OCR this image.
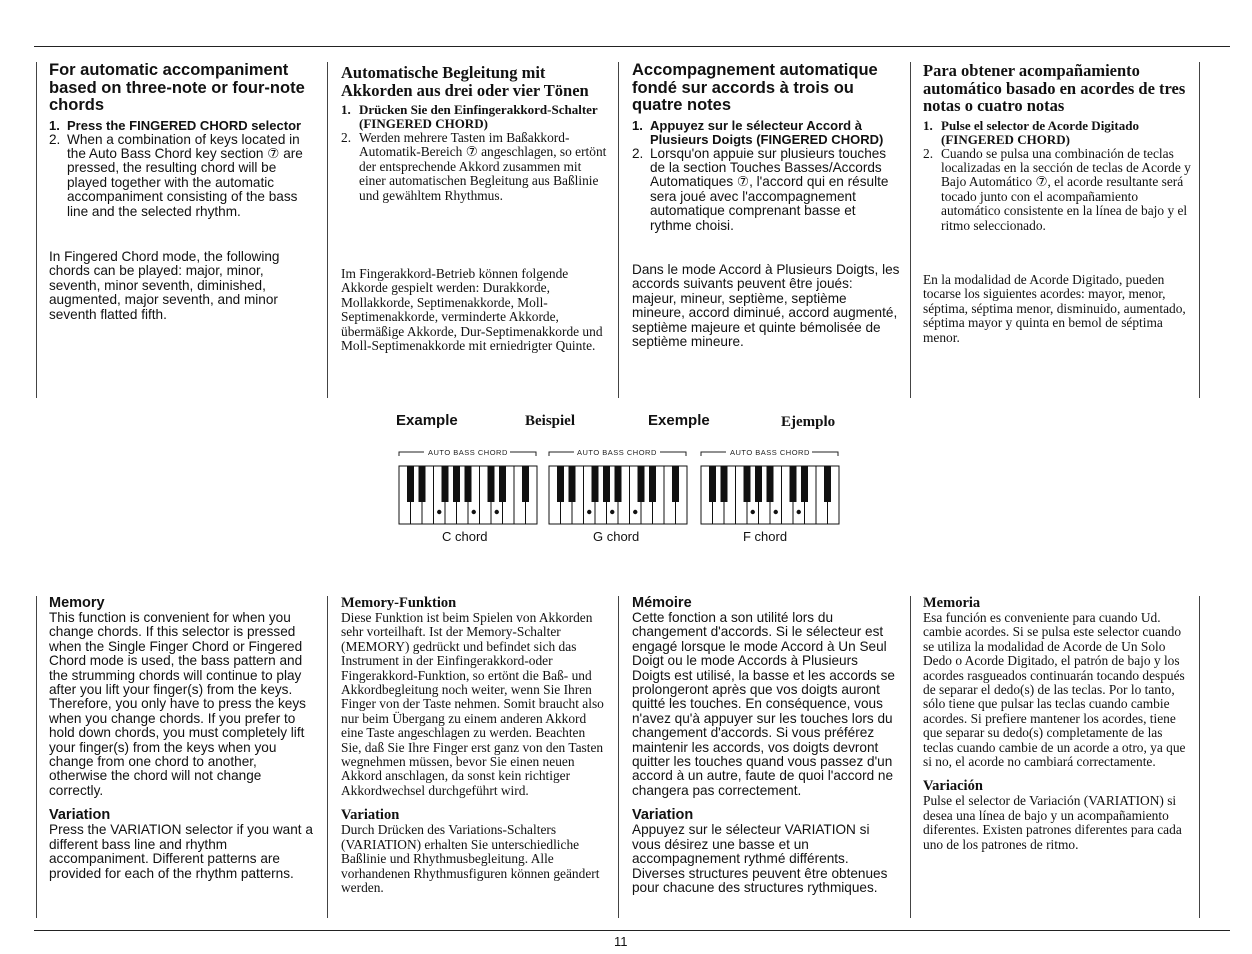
For automatic accompaniment based on three-note or four-note chords
1. Press the FINGERED CHORD selector
2. When a combination of keys located in the Auto Bass Chord key section ⑦ are pressed, the resulting chord will be played together with the automatic accompaniment consisting of the bass line and the selected rhythm.

In Fingered Chord mode, the following chords can be played: major, minor, seventh, minor seventh, diminished, augmented, major seventh, and minor seventh flatted fifth.

Automatische Begleitung mit Akkorden aus drei oder vier Tönen
1. Drücken Sie den Einfingerakkord-Schalter (FINGERED CHORD)
2. Werden mehrere Tasten im Baßakkord-Automatik-Bereich ⑦ angeschlagen, so ertönt der entsprechende Akkord zusammen mit einer automatischen Begleitung aus Baßlinie und gewähltem Rhythmus.

Im Fingerakkord-Betrieb können folgende Akkorde gespielt werden: Durakkorde, Mollakkorde, Septimenakkorde, Moll-Septimenakkorde, verminderte Akkorde, übermäßige Akkorde, Dur-Septimenakkorde und Moll-Septimenakkorde mit erniedrigter Quinte.

Accompagnement automatique fondé sur accords à trois ou quatre notes
1. Appuyez sur le sélecteur Accord à Plusieurs Doigts (FINGERED CHORD)
2. Lorsqu'on appuie sur plusieurs touches de la section Touches Basses/Accords Automatiques ⑦, l'accord qui en résulte sera joué avec l'accompagnement automatique comprenant basse et rythme choisi.

Dans le mode Accord à Plusieurs Doigts, les accords suivants peuvent être joués: majeur, mineur, septième, septième mineure, accord diminué, accord augmenté, septième majeure et quinte bémolisée de septième mineure.

Para obtener acompañamiento automático basado en acordes de tres notas o cuatro notas
1. Pulse el selector de Acorde Digitado (FINGERED CHORD)
2. Cuando se pulsa una combinación de teclas localizadas en la sección de teclas de Acorde y Bajo Automático ⑦, el acorde resultante será tocado junto con el acompañamiento automático consistente en la línea de bajo y el ritmo seleccionado.

En la modalidad de Acorde Digitado, pueden tocarse los siguientes acordes: mayor, menor, séptima, séptima menor, disminuido, aumentado, séptima mayor y quinta en bemol de séptima menor.

Example	Beispiel	Exemple	Ejemplo
AUTO BASS CHORD
C chord
AUTO BASS CHORD
G chord
AUTO BASS CHORD
F chord
Memory

This function is convenient for when you change chords. If this selector is pressed when the Single Finger Chord or Fingered Chord mode is used, the bass pattern and the strumming chords will continue to play after you lift your finger(s) from the keys. Therefore, you only have to press the keys when you change chords. If you prefer to hold down chords, you must completely lift your finger(s) from the keys when you change from one chord to another, otherwise the chord will not change correctly.

Variation

Press the VARIATION selector if you want a different bass line and rhythm accompaniment. Different patterns are provided for each of the rhythm patterns.

Memory-Funktion

Diese Funktion ist beim Spielen von Akkorden sehr vorteilhaft. Ist der Memory-Schalter (MEMORY) gedrückt und befindet sich das Instrument in der Einfingerakkord-oder Fingerakkord-Funktion, so ertönt die Baß- und Akkordbegleitung noch weiter, wenn Sie Ihren Finger von der Taste nehmen. Somit braucht also nur beim Übergang zu einem anderen Akkord eine Taste angeschlagen zu werden. Beachten Sie, daß Sie Ihre Finger erst ganz von den Tasten wegnehmen müssen, bevor Sie einen neuen Akkord anschlagen, da sonst kein richtiger Akkordwechsel durchgeführt wird.

Variation

Durch Drücken des Variations-Schalters (VARIATION) erhalten Sie unterschiedliche Baßlinie und Rhythmusbegleitung. Alle vorhandenen Rhythmusfiguren können geändert werden.

Mémoire

Cette fonction a son utilité lors du changement d'accords. Si le sélecteur est engagé lorsque le mode Accord à Un Seul Doigt ou le mode Accords à Plusieurs Doigts est utilisé, la basse et les accords se prolongeront après que vos doigts auront quitté les touches. En conséquence, vous n'avez qu'à appuyer sur les touches lors du changement d'accords. Si vous préférez maintenir les accords, vos doigts devront quitter les touches quand vous passez d'un accord à un autre, faute de quoi l'accord ne changera pas correctement.

Variation

Appuyez sur le sélecteur VARIATION si vous désirez une basse et un accompagnement rythmé différents. Diverses structures peuvent être obtenues pour chacune des structures rythmiques.

Memoria

Esa función es conveniente para cuando Ud. cambie acordes. Si se pulsa este selector cuando se utiliza la modalidad de Acorde de Un Solo Dedo o Acorde Digitado, el patrón de bajo y los acordes rasgueados continuarán tocando después de separar el dedo(s) de las teclas. Por lo tanto, sólo tiene que pulsar las teclas cuando cambie acordes. Si prefiere mantener los acordes, tiene que separar su dedo(s) completamente de las teclas cuando cambie de un acorde a otro, ya que si no, el acorde no cambiará correctamente.

Variación

Pulse el selector de Variación (VARIATION) si desea una línea de bajo y un acompañamiento diferentes. Existen patrones diferentes para cada uno de los patrones de ritmo.

11
